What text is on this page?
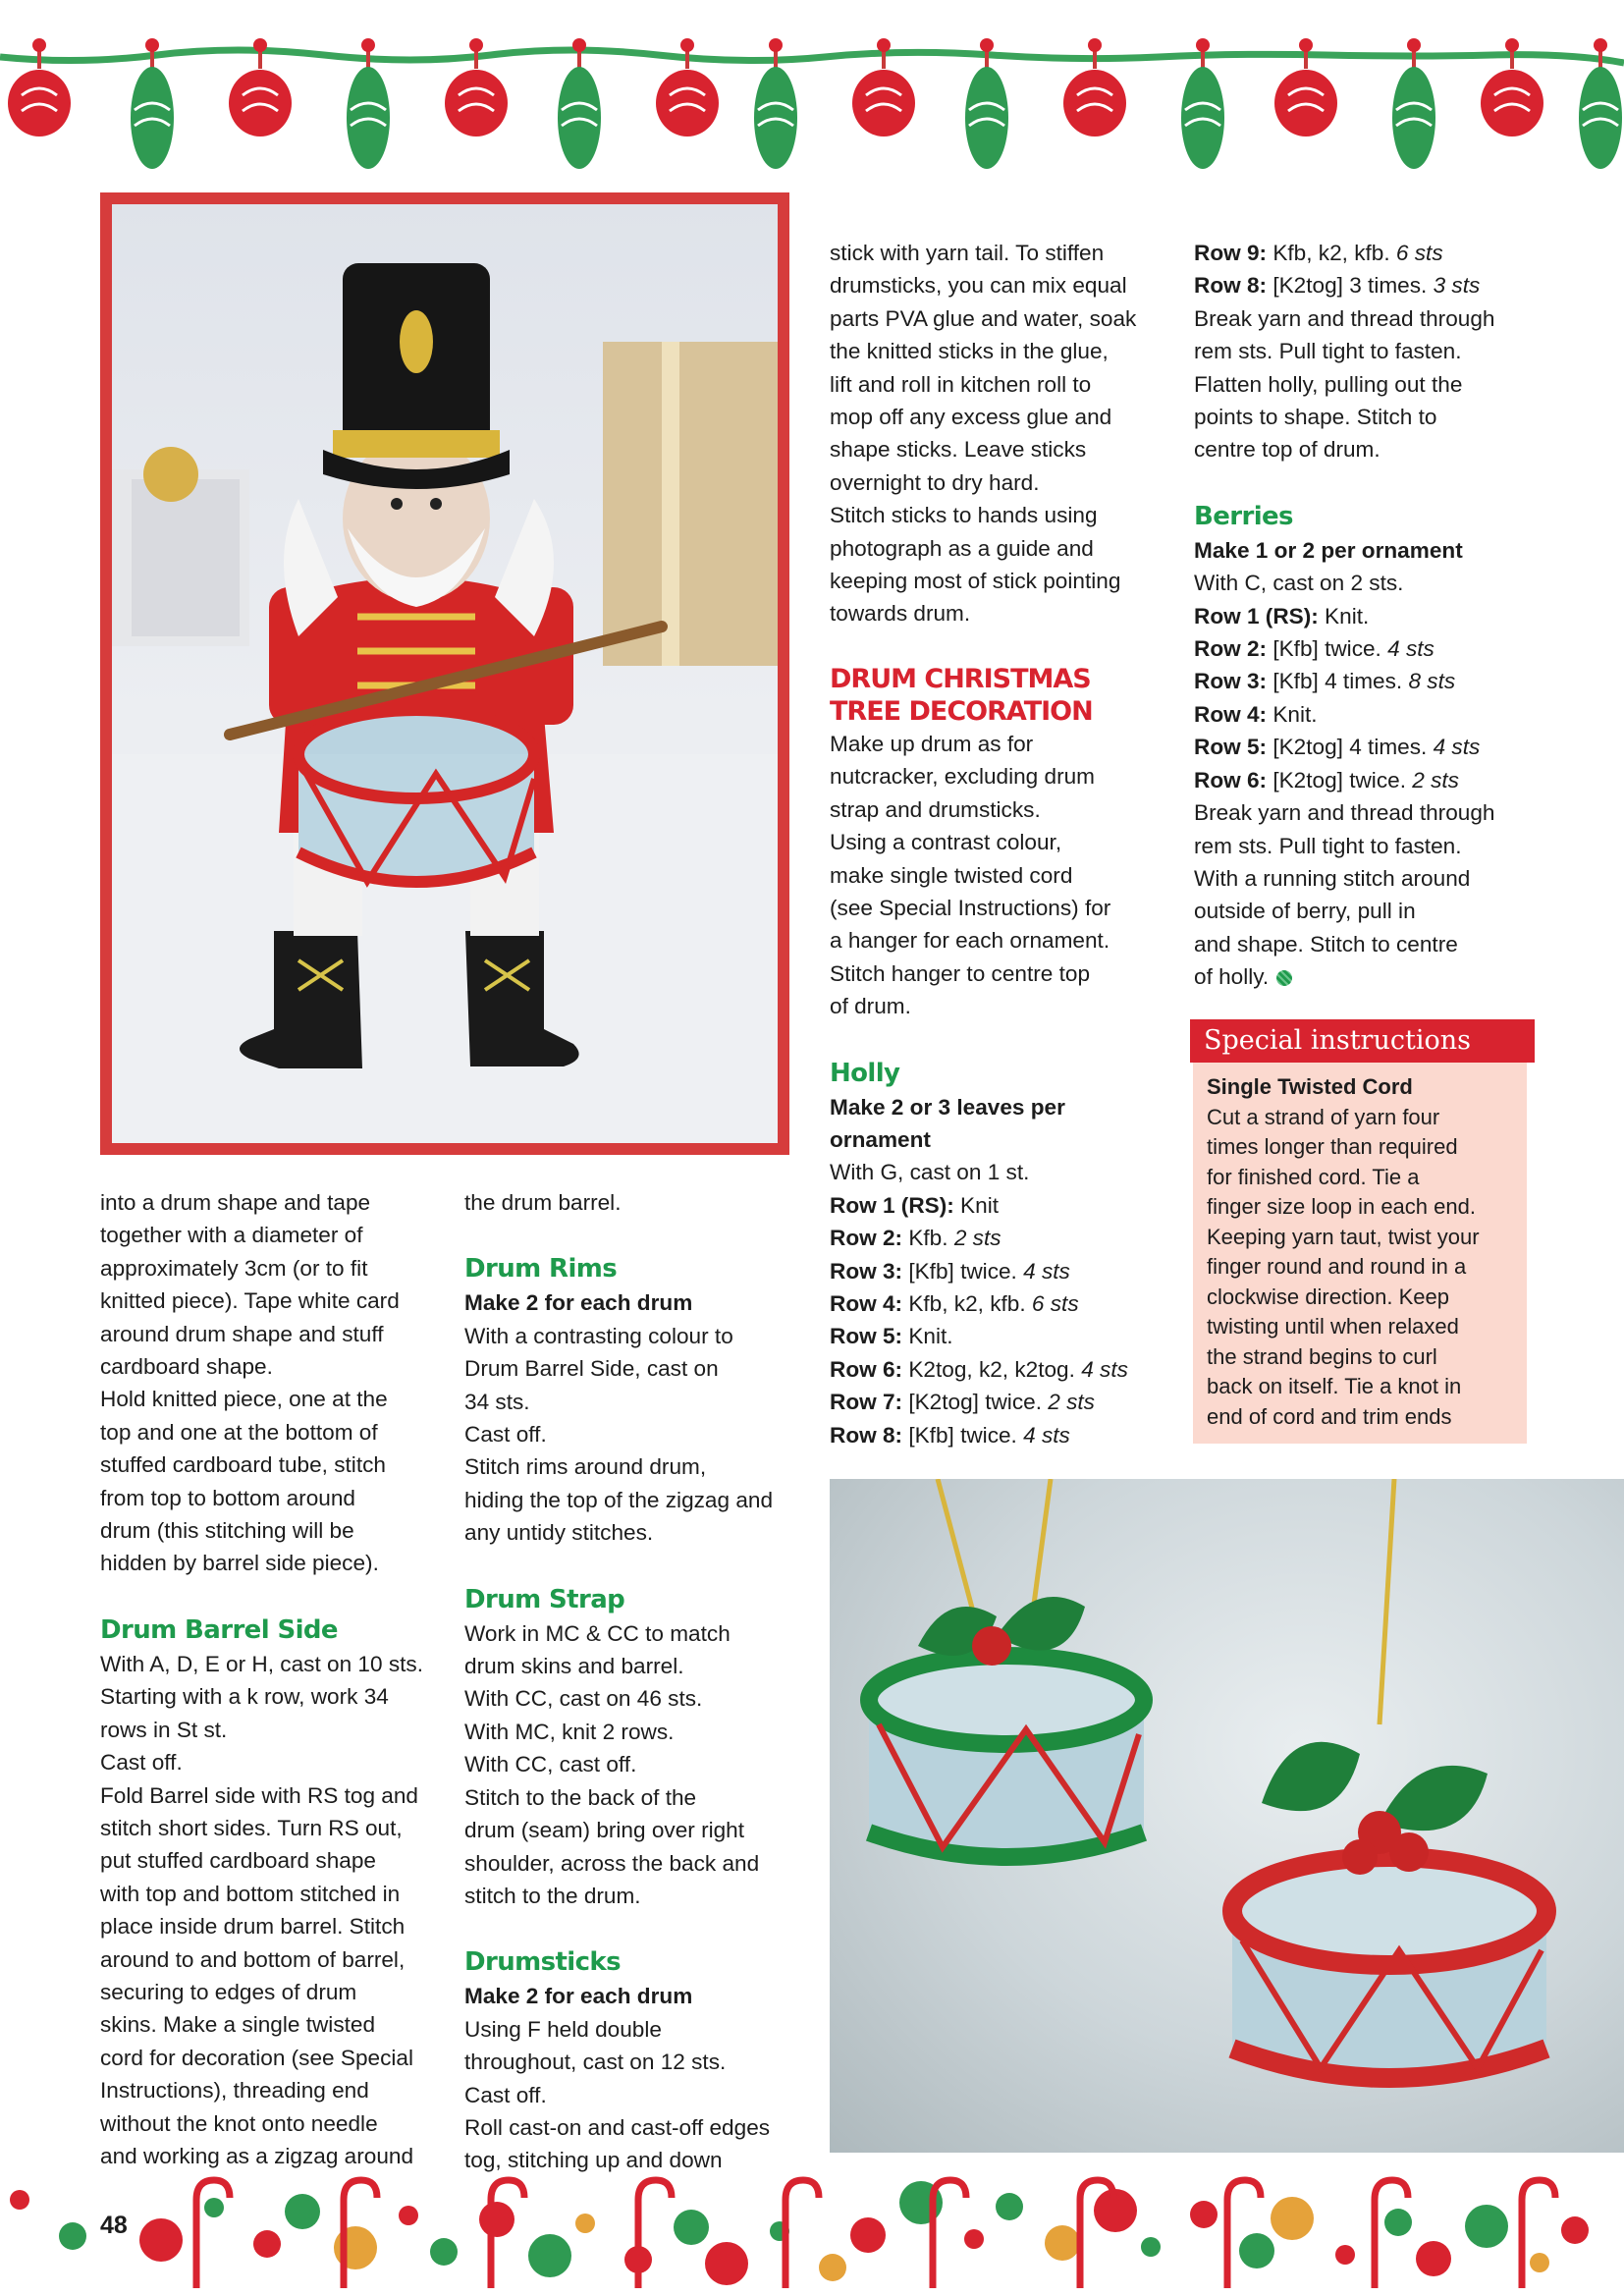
into a drum shape and tape
together with a diameter of
approximately 3cm (or to fit
knitted piece). Tape white card
around drum shape and stuff
cardboard shape.

Hold knitted piece, one at the
top and one at the bottom of
stuffed cardboard tube, stitch
from top to bottom around
drum (this stitching will be
hidden by barrel side piece).

Drum Barrel Side

With A, D, E or H, cast on 10 sts.
Starting with a k row, work 34
rows in St st.
Cast off.

Fold Barrel side with RS tog and
stitch short sides. Turn RS out,
put stuffed cardboard shape
with top and bottom stitched in
place inside drum barrel. Stitch
around to and bottom of barrel,
securing to edges of drum
skins. Make a single twisted
cord for decoration (see Special
Instructions), threading end
without the knot onto needle
and working as a zigzag around

the drum barrel.

Drum Rims

Make 2 for each drum

With a contrasting colour to
Drum Barrel Side, cast on
34 sts.
Cast off.
Stitch rims around drum,
hiding the top of the zigzag and
any untidy stitches.

Drum Strap

Work in MC & CC to match
drum skins and barrel.
With CC, cast on 46 sts.
With MC, knit 2 rows.
With CC, cast off.
Stitch to the back of the
drum (seam) bring over right
shoulder, across the back and
stitch to the drum.

Drumsticks

Make 2 for each drum

Using F held double
throughout, cast on 12 sts.
Cast off.
Roll cast-on and cast-off edges
tog, stitching up and down

stick with yarn tail. To stiffen
drumsticks, you can mix equal
parts PVA glue and water, soak
the knitted sticks in the glue,
lift and roll in kitchen roll to
mop off any excess glue and
shape sticks. Leave sticks
overnight to dry hard.
Stitch sticks to hands using
photograph as a guide and
keeping most of stick pointing
towards drum.

DRUM CHRISTMAS
TREE DECORATION

Make up drum as for
nutcracker, excluding drum
strap and drumsticks.
Using a contrast colour,
make single twisted cord
(see Special Instructions) for
a hanger for each ornament.
Stitch hanger to centre top
of drum.

Holly

Make 2 or 3 leaves per
ornament

With G, cast on 1 st.

Row 1 (RS): Knit

Row 2: Kfb. 2 sts

Row 3: [Kfb] twice. 4 sts

Row 4: Kfb, k2, kfb. 6 sts

Row 5: Knit.

Row 6: K2tog, k2, k2tog. 4 sts

Row 7: [K2tog] twice. 2 sts

Row 8: [Kfb] twice. 4 sts

Row 9: Kfb, k2, kfb. 6 sts

Row 8: [K2tog] 3 times. 3 sts

Break yarn and thread through
rem sts. Pull tight to fasten.
Flatten holly, pulling out the
points to shape. Stitch to
centre top of drum.

Berries

Make 1 or 2 per ornament

With C, cast on 2 sts.

Row 1 (RS): Knit.

Row 2: [Kfb] twice. 4 sts

Row 3: [Kfb] 4 times. 8 sts

Row 4: Knit.

Row 5: [K2tog] 4 times. 4 sts

Row 6: [K2tog] twice. 2 sts

Break yarn and thread through
rem sts. Pull tight to fasten.
With a running stitch around
outside of berry, pull in
and shape. Stitch to centre
of holly.

Special instructions

Single Twisted Cord

Cut a strand of yarn four
times longer than required
for finished cord. Tie a
finger size loop in each end.
Keeping yarn taut, twist your
finger round and round in a
clockwise direction. Keep
twisting until when relaxed
the strand begins to curl
back on itself. Tie a knot in
end of cord and trim ends

48
